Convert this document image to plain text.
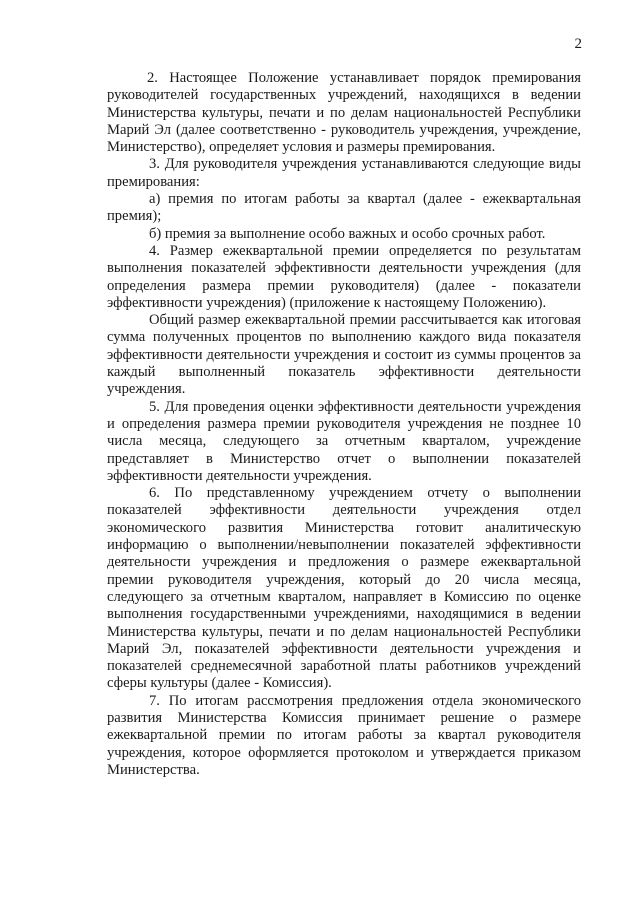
2

2. Настоящее Положение устанавливает порядок премирования руководителей государственных учреждений, находящихся в ведении Министерства культуры, печати и по делам национальностей Республики Марий Эл (далее соответственно - руководитель учреждения, учреждение, Министерство), определяет условия и размеры премирования.

3. Для руководителя учреждения устанавливаются следующие виды премирования:

а) премия по итогам работы за квартал (далее - ежеквартальная премия);

б) премия за выполнение особо важных и особо срочных работ.

4. Размер ежеквартальной премии определяется по результатам выполнения показателей эффективности деятельности учреждения (для определения размера премии руководителя) (далее - показатели эффективности учреждения) (приложение к настоящему Положению).

Общий размер ежеквартальной премии рассчитывается как итоговая сумма полученных процентов по выполнению каждого вида показателя эффективности деятельности учреждения и состоит из суммы процентов за каждый выполненный показатель эффективности деятельности учреждения.

5. Для проведения оценки эффективности деятельности учреждения и определения размера премии руководителя учреждения не позднее 10 числа месяца, следующего за отчетным кварталом, учреждение представляет в Министерство отчет о выполнении показателей эффективности деятельности учреждения.

6. По представленному учреждением отчету о выполнении показателей эффективности деятельности учреждения отдел экономического развития Министерства готовит аналитическую информацию о выполнении/невыполнении показателей эффективности деятельности учреждения и предложения о размере ежеквартальной премии руководителя учреждения, который до 20 числа месяца, следующего за отчетным кварталом, направляет в Комиссию по оценке выполнения государственными учреждениями, находящимися в ведении Министерства культуры, печати и по делам национальностей Республики Марий Эл, показателей эффективности деятельности учреждения и показателей среднемесячной заработной платы работников учреждений сферы культуры (далее - Комиссия).

7. По итогам рассмотрения предложения отдела экономического развития Министерства Комиссия принимает решение о размере ежеквартальной премии по итогам работы за квартал руководителя учреждения, которое оформляется протоколом и утверждается приказом Министерства.
